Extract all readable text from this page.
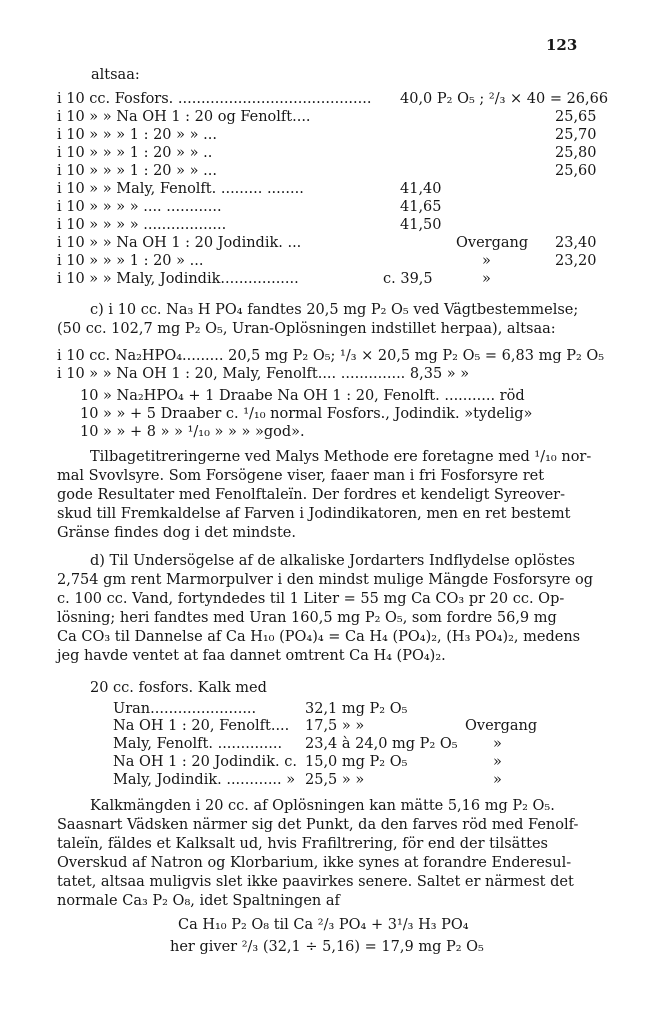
123
altsaa:
i 10 cc. Fosfors. .......................................... 40,0 P₂ O₅ ; ²/₃ × 40 = 26,66
i 10 » » Na OH 1 : 20 og Fenolft....	25,65
i 10 » » » 1 : 20 » » ...	25,70
i 10 » » » 1 : 20 » » ..	25,80
i 10 » » » 1 : 20 » » ...	25,60
i 10 » » Maly, Fenolft. ......... ........	41,40
i 10 » » » » .... ............	41,65
i 10 » » » » ..................	41,50
i 10 » » Na OH 1 : 20 Jodindik. ...	Overgang 23,40
i 10 » » » 1 : 20 » ...	»	23,20
i 10 » » Maly, Jodindik.................	c. 39,5	»
c) i 10 cc. Na₃ H PO₄ fandtes 20,5 mg P₂ O₅ ved Vägtbestemmelse;
(50 cc. 102,7 mg P₂ O₅, Uran-Oplösningen indstillet herpaa), altsaa:
i 10 cc. Na₂HPO₄......... 20,5 mg P₂ O₅; ¹/₃ × 20,5 mg P₂ O₅ = 6,83 mg P₂ O₅
i 10 » » Na OH 1 : 20, Maly, Fenolft.... .............. 8,35 » »
10 » Na₂HPO₄ + 1 Draabe Na OH 1 : 20, Fenolft. ........... röd
10 » » + 5 Draaber c. ¹/₁₀ normal Fosfors., Jodindik. »tydelig»
10 » » + 8 » » ¹/₁₀ » » » »god».
Tilbagetitreringerne ved Malys Methode ere foretagne med ¹/₁₀ nor-
mal Svovlsyre. Som Forsögene viser, faaer man i fri Fosforsyre ret
gode Resultater med Fenolftaleïn. Der fordres et kendeligt Syreover-
skud till Fremkaldelse af Farven i Jodindikatoren, men en ret bestemt
Gränse findes dog i det mindste.
d) Til Undersögelse af de alkaliske Jordarters Indflydelse oplöstes
2,754 gm rent Marmorpulver i den mindst mulige Mängde Fosforsyre og
c. 100 cc. Vand, fortyndedes til 1 Liter = 55 mg Ca CO₃ pr 20 cc. Op-
lösning; heri fandtes med Uran 160,5 mg P₂ O₅, som fordre 56,9 mg
Ca CO₃ til Dannelse af Ca H₁₀ (PO₄)₄ = Ca H₄ (PO₄)₂, (H₃ PO₄)₂, medens
jeg havde ventet at faa dannet omtrent Ca H₄ (PO₄)₂.
20 cc. fosfors. Kalk med
Uran.......................	32,1 mg P₂ O₅
Na OH 1 : 20, Fenolft.... 17,5 » »	Overgang
Maly, Fenolft. .............. 23,4 à 24,0 mg P₂ O₅ »
Na OH 1 : 20 Jodindik. c. 15,0 mg P₂ O₅	»
Maly, Jodindik. ............ » 25,5 » »	»
Kalkmängden i 20 cc. af Oplösningen kan mätte 5,16 mg P₂ O₅.
Saasnart Vädsken närmer sig det Punkt, da den farves röd med Fenolf-
taleïn, fäldes et Kalksalt ud, hvis Frafiltrering, för end der tilsättes
Overskud af Natron og Klorbarium, ikke synes at forandre Enderesul-
tatet, altsaa muligvis slet ikke paavirkes senere. Saltet er närmest det
normale Ca₃ P₂ O₈, idet Spaltningen af
Ca H₁₀ P₂ O₈ til Ca ²/₃ PO₄ + 3¹/₃ H₃ PO₄
her giver ²/₃ (32,1 ÷ 5,16) = 17,9 mg P₂ O₅
